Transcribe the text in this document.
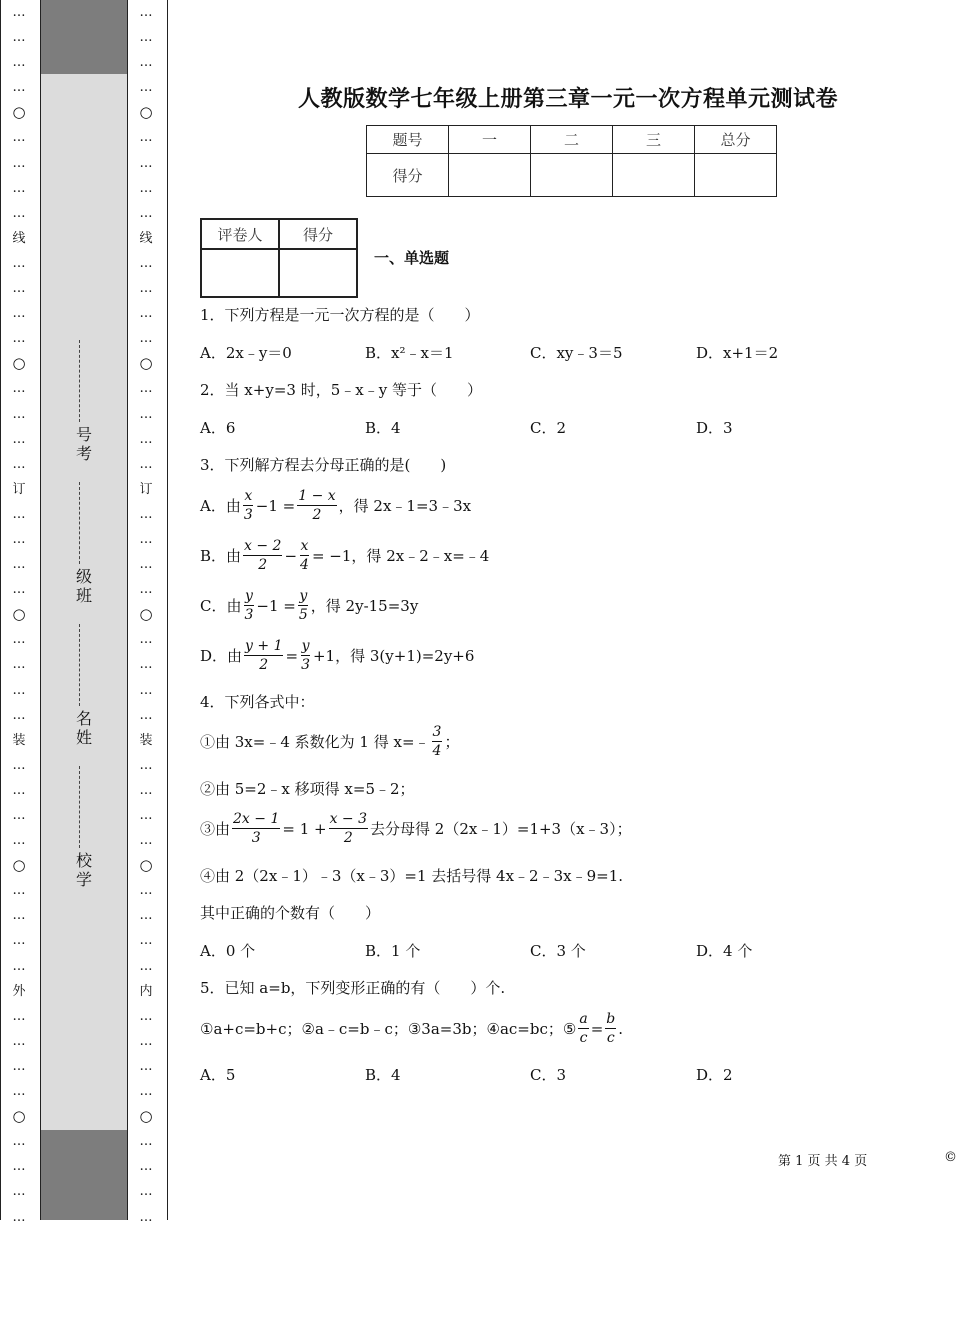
…
…
…
…
○
…
…
…
…
线
…
…
…
…
○
…
…
…
…
订
…
…
…
…
○
…
…
…
…
装
…
…
…
…
○
…
…
…
…
外
…
…
…
…
○
…
…
…
…
…
…
…
…
○
…
…
…
…
线
…
…
…
…
○
…
…
…
…
订
…
…
…
…
○
…
…
…
…
装
…
…
…
…
○
…
…
…
…
内
…
…
…
…
○
…
…
…
…
号考
级班
名姓
校学
人教版数学七年级上册第三章一元一次方程单元测试卷
题号	一	二	三	总分
得分				
评卷人	得分

一、单选题
1．下列方程是一元一次方程的是（　　）
A．2x﹣y＝0	B．x²﹣x＝1	C．xy﹣3＝5	D．x+1＝2
2．当 x+y=3 时，5﹣x﹣y 等于（　　）
A．6	B．4	C．2	D．3
3．下列解方程去分母正确的是(　　)
A．由 $\frac{x}{3} -1 = \frac{1 - x}{2}$ ，得 2x﹣1=3﹣3x
B．由 $\frac{x - 2}{2} - \frac{x}{4} = -1$ ，得 2x﹣2﹣x=﹣4
C．由 $\frac{y}{3} -1 = \frac{y}{5}$ ，得 2y-15=3y
D．由 $\frac{y + 1}{2} = \frac{y}{3} +1$ ，得 3(y+1)=2y+6
4．下列各式中：
①由 3x=﹣4 系数化为 1 得 x=﹣ $\frac{3}{4}$ ；
②由 5=2﹣x 移项得 x=5﹣2；
③由 $\frac{2x - 1}{3} = 1 + \frac{x - 3}{2}$ 去分母得 2（2x﹣1）=1+3（x﹣3）；
④由 2（2x﹣1）﹣3（x﹣3）=1 去括号得 4x﹣2﹣3x﹣9=1.
其中正确的个数有（　　）
A．0 个	B．1 个	C．3 个	D．4 个
5．已知 a=b，下列变形正确的有（　　）个.
①a+c=b+c；②a﹣c=b﹣c；③3a=3b；④ac=bc；⑤ $\frac{a}{c} = \frac{b}{c}$ .
A．5	B．4	C．3	D．2
第 1 页 共 4 页	©
